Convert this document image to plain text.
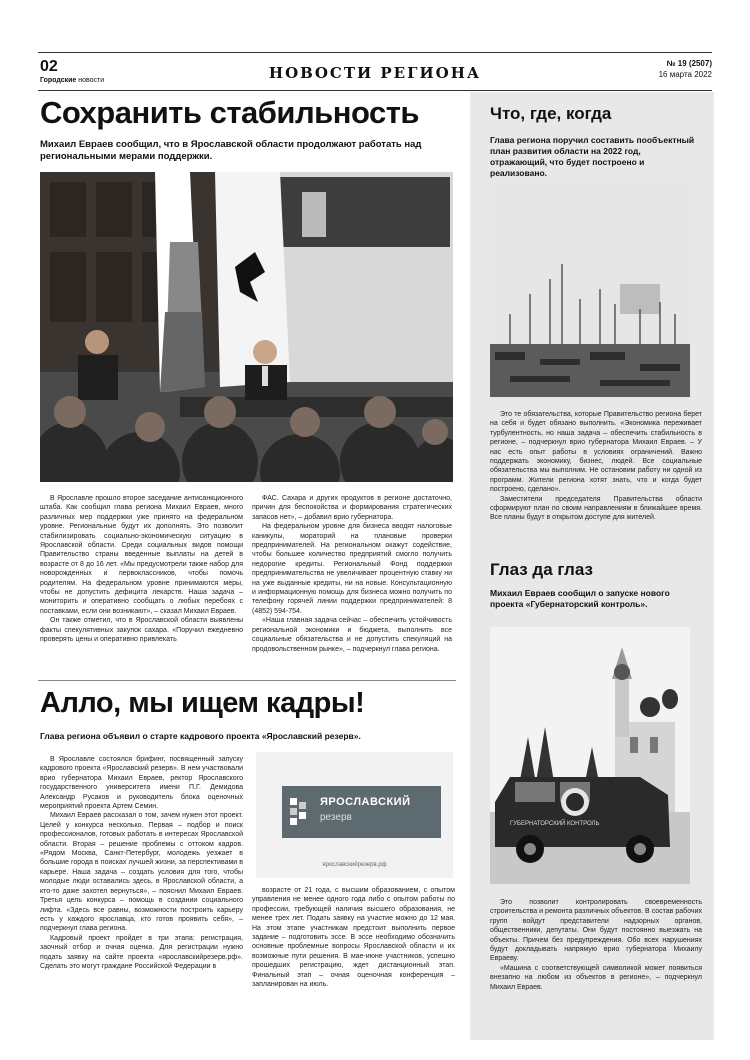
02
Городские новости	НОВОСТИ РЕГИОНА
№ 19 (2507)
16 марта 2022
Сохранить стабильность
Михаил Евраев сообщил, что в Ярославской области продолжают работать над региональными мерами поддержки.

В Ярославле прошло второе заседание антисанкционного штаба. Как сообщил глава региона Михаил Евраев, много различных мер поддержки уже принято на федеральном уровне. Региональные будут их дополнять. Это позволит стабилизировать социально-экономическую ситуацию в Ярославской области. Среди социальных видов помощи Правительство страны введенные выплаты на детей в возрасте от 8 до 16 лет. «Мы предусмотрели также набор для новорожденных и первоклассников, чтобы помочь родителям. На федеральном уровне принимаются меры, чтобы не допустить дефицита лекарств. Наша задача – мониторить и оперативно сообщать о любых перебоях с поставками, если они возникают», – сказал Михаил Евраев.

Он также отметил, что в Ярославской области выявлены факты спекулятивных закупок сахара. «Поручил ежедневно проверять цены и оперативно привлекать

ФАС. Сахара и других продуктов в регионе достаточно, причин для беспокойства и формирования стратегических запасов нет», – добавил врио губернатора.

На федеральном уровне для бизнеса вводят налоговые каникулы, мораторий на плановые проверки предпринимателей. На региональном окажут содействие, чтобы большее количество предприятий смогло получить недорогие кредиты. Региональный Фонд поддержки предпринимательства не увеличивает процентную ставку ни на уже выданные кредиты, ни на новые. Консультационную и информационную помощь для бизнеса можно получить по телефону горячей линии поддержки предпринимателей: 8 (4852) 594-754.

«Наша главная задача сейчас – обеспечить устойчивость региональной экономики и бюджета, выполнить все социальные обязательства и не допустить спекуляций на продовольственном рынке», – подчеркнул глава региона.

Алло, мы ищем кадры!
Глава региона объявил о старте кадрового проекта «Ярославский резерв».

В Ярославле состоялся брифинг, посвященный запуску кадрового проекта «Ярославский резерв». В нем участвовали врио губернатора Михаил Евраев, ректор Ярославского государственного университета имени П.Г. Демидова Александр Русаков и руководитель блока оценочных мероприятий проекта Артем Семин.

Михаил Евраев рассказал о том, зачем нужен этот проект. Целей у конкурса несколько. Первая – подбор и поиск профессионалов, готовых работать в интересах Ярославской области. Вторая – решение проблемы с оттоком кадров. «Рядом Москва, Санкт-Петербург, молодежь уезжает в большие города в поисках лучшей жизни, за перспективами в карьере. Наша задача – создать условия для того, чтобы молодые люди оставались здесь, в Ярославской области, а кто-то даже захотел вернуться», – пояснил Михаил Евраев. Третья цель конкурса – помощь в создании социального лифта. «Здесь все равны, возможности построить карьеру есть у каждого ярославца, кто готов проявить себя», – подчеркнул глава региона.

Кадровый проект пройдет в три этапа: регистрация, заочный отбор и очная оценка. Для регистрации нужно подать заявку на сайте проекта «ярославскийрезерв.рф». Сделать это могут граждане Российской Федерации в

ЯРОСЛАВСКИЙ
резерв
ярославскийрезерв.рф

возрасте от 21 года, с высшим образованием, с опытом управления не менее одного года либо с опытом работы по профессии, требующей наличия высшего образования, не менее трех лет. Подать заявку на участие можно до 12 мая. На этом этапе участникам предстоит выполнить первое задание – подготовить эссе. В эссе необходимо обозначить основные проблемные вопросы Ярославской области и их возможные пути решения. В мае-июне участников, успешно прошедших регистрацию, ждет дистанционный этап. Финальный этап – очная оценочная конференция – запланирован на июль.

Что, где, когда
Глава региона поручил составить пообъектный план развития области на 2022 год, отражающий, что будет построено и реализовано.

Это те обязательства, которые Правительство региона берет на себя и будет обязано выполнить. «Экономика переживает турбулентность, но наша задача – обеспечить стабильность в регионе, – подчеркнул врио губернатора Михаил Евраев. – У нас есть опыт работы в условиях ограничений. Важно поддержать экономику, бизнес, людей. Все социальные обязательства мы выполним. Не остановим работу ни одной из программ. Жители региона хотят знать, что и когда будет построено, сделано».

Заместители председателя Правительства области сформируют план по своим направлениям в ближайшее время. Все планы будут в открытом доступе для жителей.

Глаз да глаз
Михаил Евраев сообщил о запуске нового проекта «Губернаторский контроль».
ГУБЕРНАТОРСКИЙ КОНТРОЛЬ

Это позволит контролировать своевременность строительства и ремонта различных объектов. В состав рабочих групп войдут представители надзорных органов, общественники, депутаты. Они будут постоянно выезжать на объекты. Причем без предупреждения. Обо всех нарушениях будут докладывать напрямую врио губернатора Михаилу Евраеву.

«Машина с соответствующей символикой может появиться внезапно на любом из объектов в регионе», – подчеркнул Михаил Евраев.
